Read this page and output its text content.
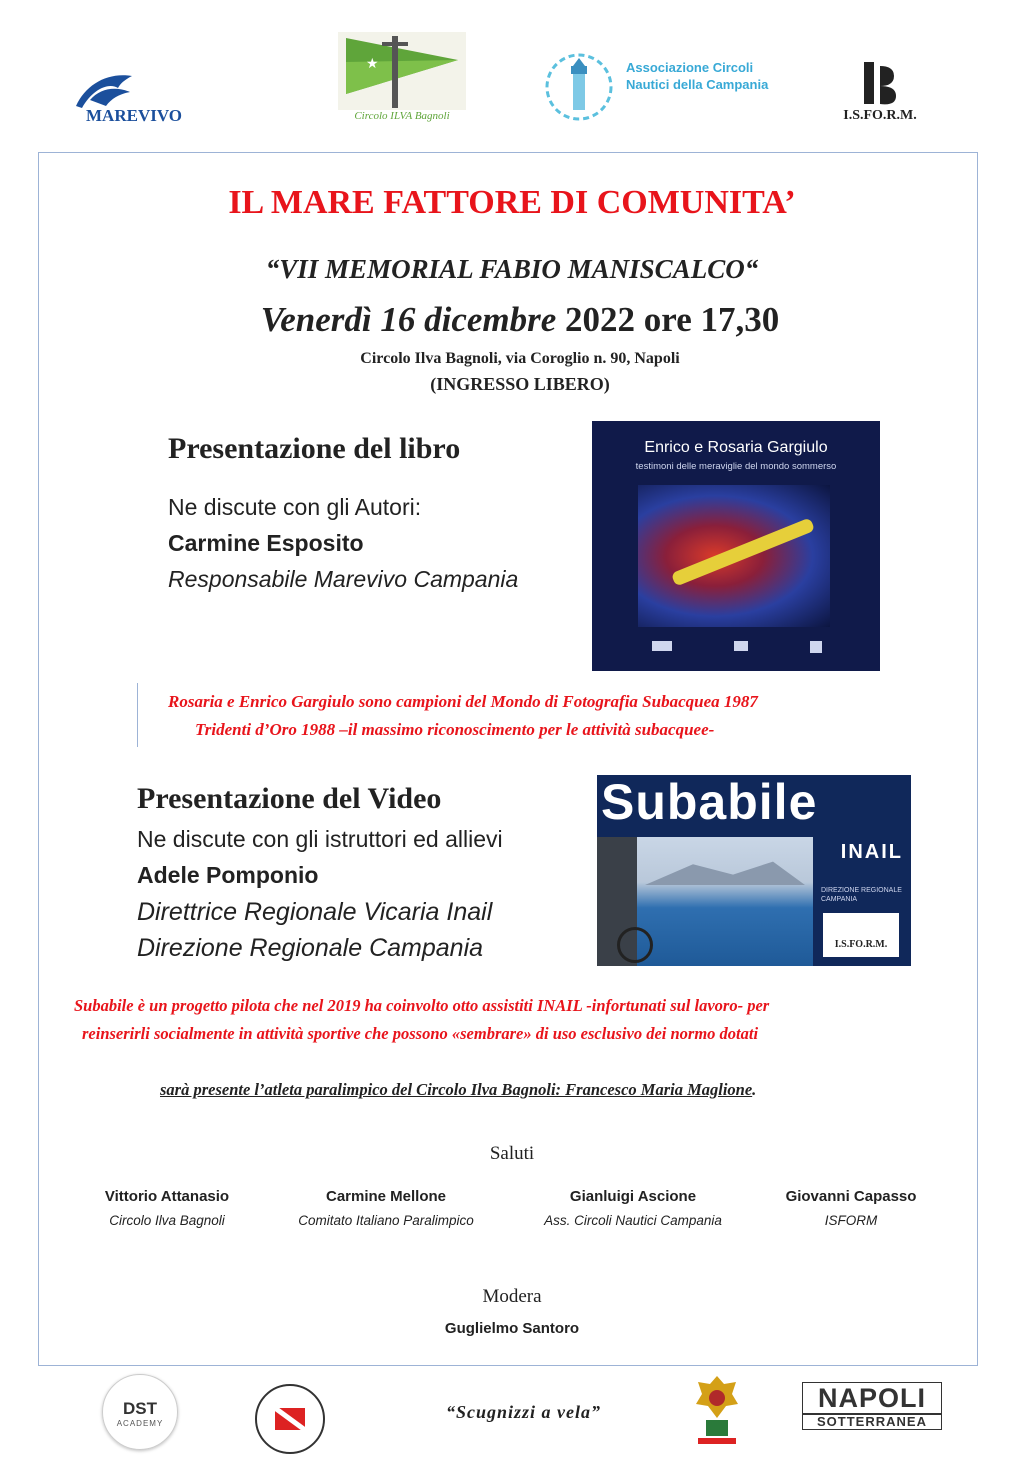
MAREVIVO
★
Circolo ILVA Bagnoli
Associazione Circoli
Nautici della Campania
I.S.FO.R.M.
IL MARE FATTORE DI COMUNITA’
“VII MEMORIAL FABIO MANISCALCO“
Venerdì 16 dicembre 2022 ore 17,30
Circolo Ilva Bagnoli, via Coroglio n. 90, Napoli
(INGRESSO LIBERO)
Presentazione del libro
Ne discute con gli Autori:
Carmine Esposito
Responsabile Marevivo Campania
Enrico e Rosaria Gargiulo
testimoni delle meraviglie del mondo sommerso
Rosaria e Enrico Gargiulo sono campioni del Mondo di Fotografia Subacquea 1987
Tridenti d’Oro 1988 –il massimo riconoscimento per le attività subacquee-
Presentazione del Video
Ne discute con gli istruttori ed allievi
Adele Pomponio
Direttrice Regionale Vicaria Inail
Direzione Regionale Campania
Subabile
INAIL
DIREZIONE REGIONALE
CAMPANIA
I.S.FO.R.M.
Subabile è un progetto pilota che nel 2019 ha coinvolto otto assistiti INAIL -infortunati sul lavoro- per
reinserirli socialmente in attività sportive che possono «sembrare» di uso esclusivo dei normo dotati
sarà presente l’atleta paralimpico del Circolo Ilva Bagnoli: Francesco Maria Maglione.
Saluti
Vittorio Attanasio
Circolo Ilva Bagnoli
Carmine Mellone
Comitato Italiano Paralimpico
Gianluigi Ascione
Ass. Circoli Nautici Campania
Giovanni Capasso
ISFORM
Modera
Guglielmo Santoro
DST
ACADEMY
“Scugnizzi a vela”	NAPOLI
SOTTERRANEA
